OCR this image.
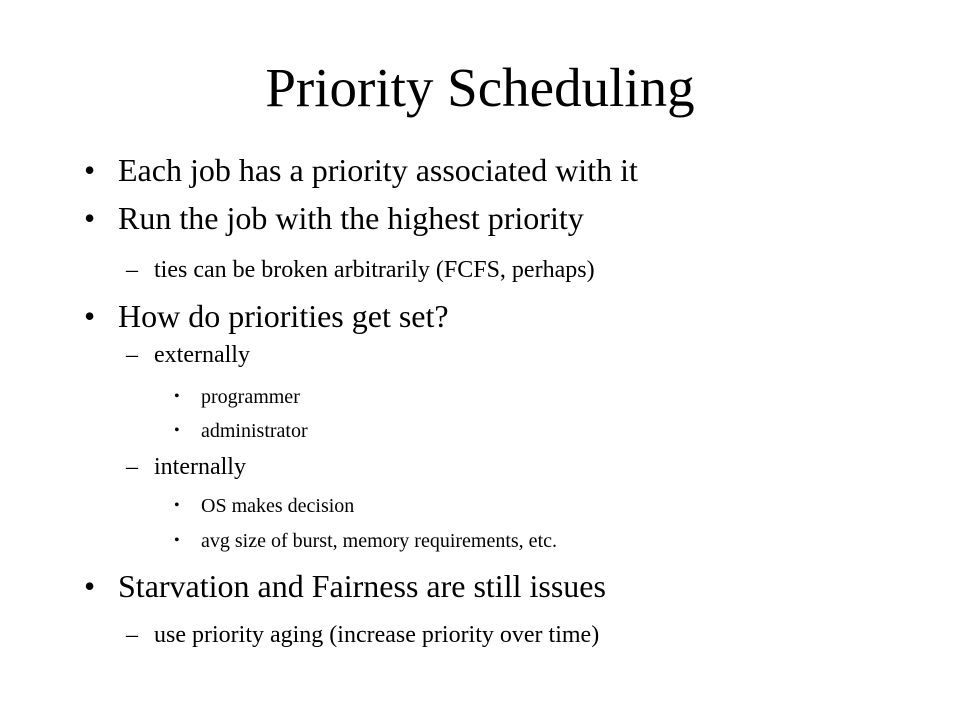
Priority Scheduling
• Each job has a priority associated with it
• Run the job with the highest priority
– ties can be broken arbitrarily (FCFS, perhaps)
• How do priorities get set?
– externally
• programmer
• administrator
– internally
• OS makes decision
• avg size of burst, memory requirements, etc.
• Starvation and Fairness are still issues
– use priority aging (increase priority over time)
